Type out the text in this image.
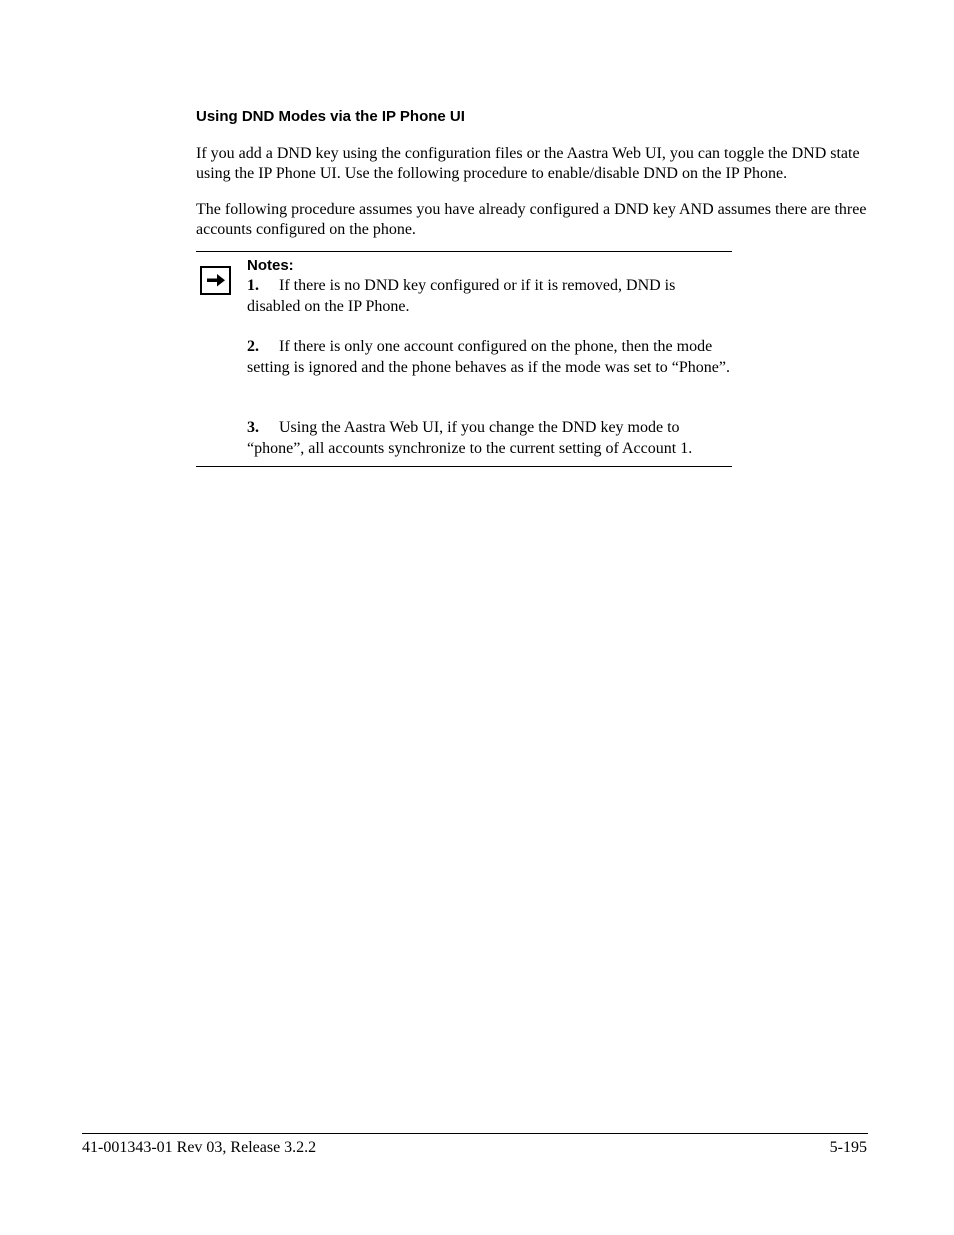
Using DND Modes via the IP Phone UI

If you add a DND key using the configuration files or the Aastra Web UI, you can toggle the DND state using the IP Phone UI. Use the following procedure to enable/disable DND on the IP Phone.

The following procedure assumes you have already configured a DND key AND assumes there are three accounts configured on the phone.

Notes:

1. If there is no DND key configured or if it is removed, DND is disabled on the IP Phone.

2. If there is only one account configured on the phone, then the mode setting is ignored and the phone behaves as if the mode was set to “Phone”.

3. Using the Aastra Web UI, if you change the DND key mode to “phone”, all accounts synchronize to the current setting of Account 1.

41-001343-01 Rev 03, Release 3.2.2	5-195
